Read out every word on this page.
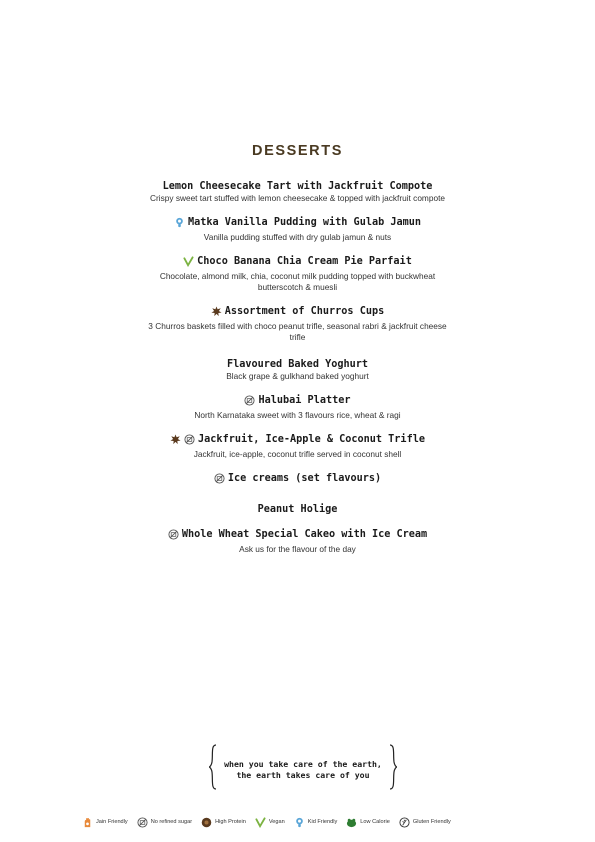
DESSERTS
Lemon Cheesecake Tart with Jackfruit Compote
Crispy sweet tart stuffed with lemon cheesecake & topped with jackfruit compote
Matka Vanilla Pudding with Gulab Jamun
Vanilla pudding stuffed with dry gulab jamun & nuts
Choco Banana Chia Cream Pie Parfait
Chocolate, almond milk, chia, coconut milk pudding topped with buckwheat butterscotch & muesli
Assortment of Churros Cups
3 Churros baskets filled with choco peanut trifle, seasonal rabri & jackfruit cheese trifle
Flavoured Baked Yoghurt
Black grape & gulkhand baked yoghurt
Halubai Platter
North Karnataka sweet with 3 flavours rice, wheat & ragi
Jackfruit, Ice-Apple & Coconut Trifle
Jackfruit, ice-apple, coconut trifle served in coconut shell
Ice creams (set flavours)
Peanut Holige
Whole Wheat Special Cakeo with Ice Cream
Ask us for the flavour of the day
when you take care of the earth,
the earth takes care of you
Jain Friendly	No refined sugar	High Protein	Vegan	Kid Friendly	Low Calorie	Gluten Friendly
